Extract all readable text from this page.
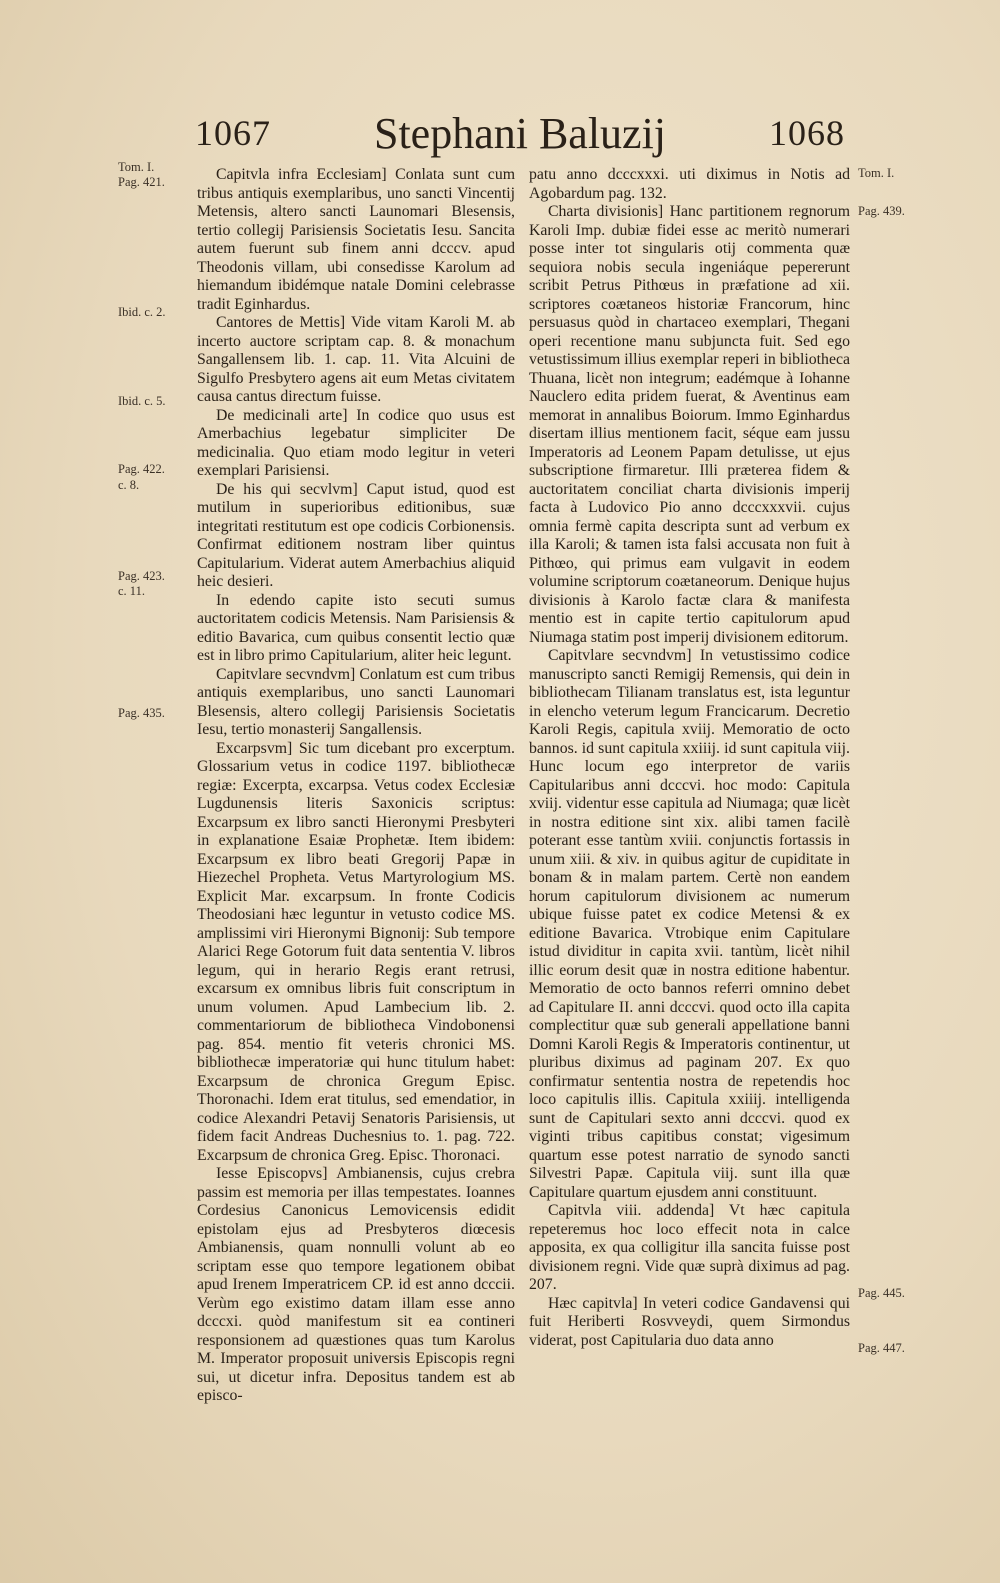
1067	Stephani Baluzij	1068
Tom. I.
Pag. 421.
Ibid. c. 2.
Ibid. c. 5.
Pag. 422.
c. 8.
Pag. 423.
c. 11.
Pag. 435.
Tom. I.
Pag. 439.
Pag. 445.
Pag. 447.

Capitvla infra Ecclesiam] Conlata sunt cum tribus antiquis exemplaribus, uno sancti Vincentij Metensis, altero sancti Launomari Blesensis, tertio collegij Parisiensis Societatis Iesu. Sancita autem fuerunt sub finem anni dcccv. apud Theodonis villam, ubi consedisse Karolum ad hiemandum ibidémque natale Domini celebrasse tradit Eginhardus.

Cantores de Mettis] Vide vitam Karoli M. ab incerto auctore scriptam cap. 8. & monachum Sangallensem lib. 1. cap. 11. Vita Alcuini de Sigulfo Presbytero agens ait eum Metas civitatem causa cantus directum fuisse.

De medicinali arte] In codice quo usus est Amerbachius legebatur simpliciter De medicinalia. Quo etiam modo legitur in veteri exemplari Parisiensi.

De his qui secvlvm] Caput istud, quod est mutilum in superioribus editionibus, suæ integritati restitutum est ope codicis Corbionensis. Confirmat editionem nostram liber quintus Capitularium. Viderat autem Amerbachius aliquid heic desieri.

In edendo capite isto secuti sumus auctoritatem codicis Metensis. Nam Parisiensis & editio Bavarica, cum quibus consentit lectio quæ est in libro primo Capitularium, aliter heic legunt.

Capitvlare secvndvm] Conlatum est cum tribus antiquis exemplaribus, uno sancti Launomari Blesensis, altero collegij Parisiensis Societatis Iesu, tertio monasterij Sangallensis.

Excarpsvm] Sic tum dicebant pro excerptum. Glossarium vetus in codice 1197. bibliothecæ regiæ: Excerpta, excarpsa. Vetus codex Ecclesiæ Lugdunensis literis Saxonicis scriptus: Excarpsum ex libro sancti Hieronymi Presbyteri in explanatione Esaiæ Prophetæ. Item ibidem: Excarpsum ex libro beati Gregorij Papæ in Hiezechel Propheta. Vetus Martyrologium MS. Explicit Mar. excarpsum. In fronte Codicis Theodosiani hæc leguntur in vetusto codice MS. amplissimi viri Hieronymi Bignonij: Sub tempore Alarici Rege Gotorum fuit data sententia V. libros legum, qui in herario Regis erant retrusi, excarsum ex omnibus libris fuit conscriptum in unum volumen. Apud Lambecium lib. 2. commentariorum de bibliotheca Vindobonensi pag. 854. mentio fit veteris chronici MS. bibliothecæ imperatoriæ qui hunc titulum habet: Excarpsum de chronica Gregum Episc. Thoronachi. Idem erat titulus, sed emendatior, in codice Alexandri Petavij Senatoris Parisiensis, ut fidem facit Andreas Duchesnius to. 1. pag. 722. Excarpsum de chronica Greg. Episc. Thoronaci.

Iesse Episcopvs] Ambianensis, cujus crebra passim est memoria per illas tempestates. Ioannes Cordesius Canonicus Lemovicensis edidit epistolam ejus ad Presbyteros diœcesis Ambianensis, quam nonnulli volunt ab eo scriptam esse quo tempore legationem obibat apud Irenem Imperatricem CP. id est anno dcccii. Verùm ego existimo datam illam esse anno dcccxi. quòd manifestum sit ea contineri responsionem ad quæstiones quas tum Karolus M. Imperator proposuit universis Episcopis regni sui, ut dicetur infra. Depositus tandem est ab episco-

patu anno dcccxxxi. uti diximus in Notis ad Agobardum pag. 132.

Charta divisionis] Hanc partitionem regnorum Karoli Imp. dubiæ fidei esse ac meritò numerari posse inter tot singularis otij commenta quæ sequiora nobis secula ingeniáque pepererunt scribit Petrus Pithœus in præfatione ad xii. scriptores coætaneos historiæ Francorum, hinc persuasus quòd in chartaceo exemplari, Thegani operi recentione manu subjuncta fuit. Sed ego vetustissimum illius exemplar reperi in bibliotheca Thuana, licèt non integrum; eadémque à Iohanne Nauclero edita pridem fuerat, & Aventinus eam memorat in annalibus Boiorum. Immo Eginhardus disertam illius mentionem facit, séque eam jussu Imperatoris ad Leonem Papam detulisse, ut ejus subscriptione firmaretur. Illi præterea fidem & auctoritatem conciliat charta divisionis imperij facta à Ludovico Pio anno dcccxxxvii. cujus omnia fermè capita descripta sunt ad verbum ex illa Karoli; & tamen ista falsi accusata non fuit à Pithœo, qui primus eam vulgavit in eodem volumine scriptorum coætaneorum. Denique hujus divisionis à Karolo factæ clara & manifesta mentio est in capite tertio capitulorum apud Niumaga statim post imperij divisionem editorum.

Capitvlare secvndvm] In vetustissimo codice manuscripto sancti Remigij Remensis, qui dein in bibliothecam Tilianam translatus est, ista leguntur in elencho veterum legum Francicarum. Decretio Karoli Regis, capitula xviij. Memoratio de octo bannos. id sunt capitula xxiiij. id sunt capitula viij. Hunc locum ego interpretor de variis Capitularibus anni dcccvi. hoc modo: Capitula xviij. videntur esse capitula ad Niumaga; quæ licèt in nostra editione sint xix. alibi tamen facilè poterant esse tantùm xviii. conjunctis fortassis in unum xiii. & xiv. in quibus agitur de cupiditate in bonam & in malam partem. Certè non eandem horum capitulorum divisionem ac numerum ubique fuisse patet ex codice Metensi & ex editione Bavarica. Vtrobique enim Capitulare istud dividitur in capita xvii. tantùm, licèt nihil illic eorum desit quæ in nostra editione habentur. Memoratio de octo bannos referri omnino debet ad Capitulare II. anni dcccvi. quod octo illa capita complectitur quæ sub generali appellatione banni Domni Karoli Regis & Imperatoris continentur, ut pluribus diximus ad paginam 207. Ex quo confirmatur sententia nostra de repetendis hoc loco capitulis illis. Capitula xxiiij. intelligenda sunt de Capitulari sexto anni dcccvi. quod ex viginti tribus capitibus constat; vigesimum quartum esse potest narratio de synodo sancti Silvestri Papæ. Capitula viij. sunt illa quæ Capitulare quartum ejusdem anni constituunt.

Capitvla viii. addenda] Vt hæc capitula repeteremus hoc loco effecit nota in calce apposita, ex qua colligitur illa sancita fuisse post divisionem regni. Vide quæ suprà diximus ad pag. 207.

Hæc capitvla] In veteri codice Gandavensi qui fuit Heriberti Rosvveydi, quem Sirmondus viderat, post Capitularia duo data anno
